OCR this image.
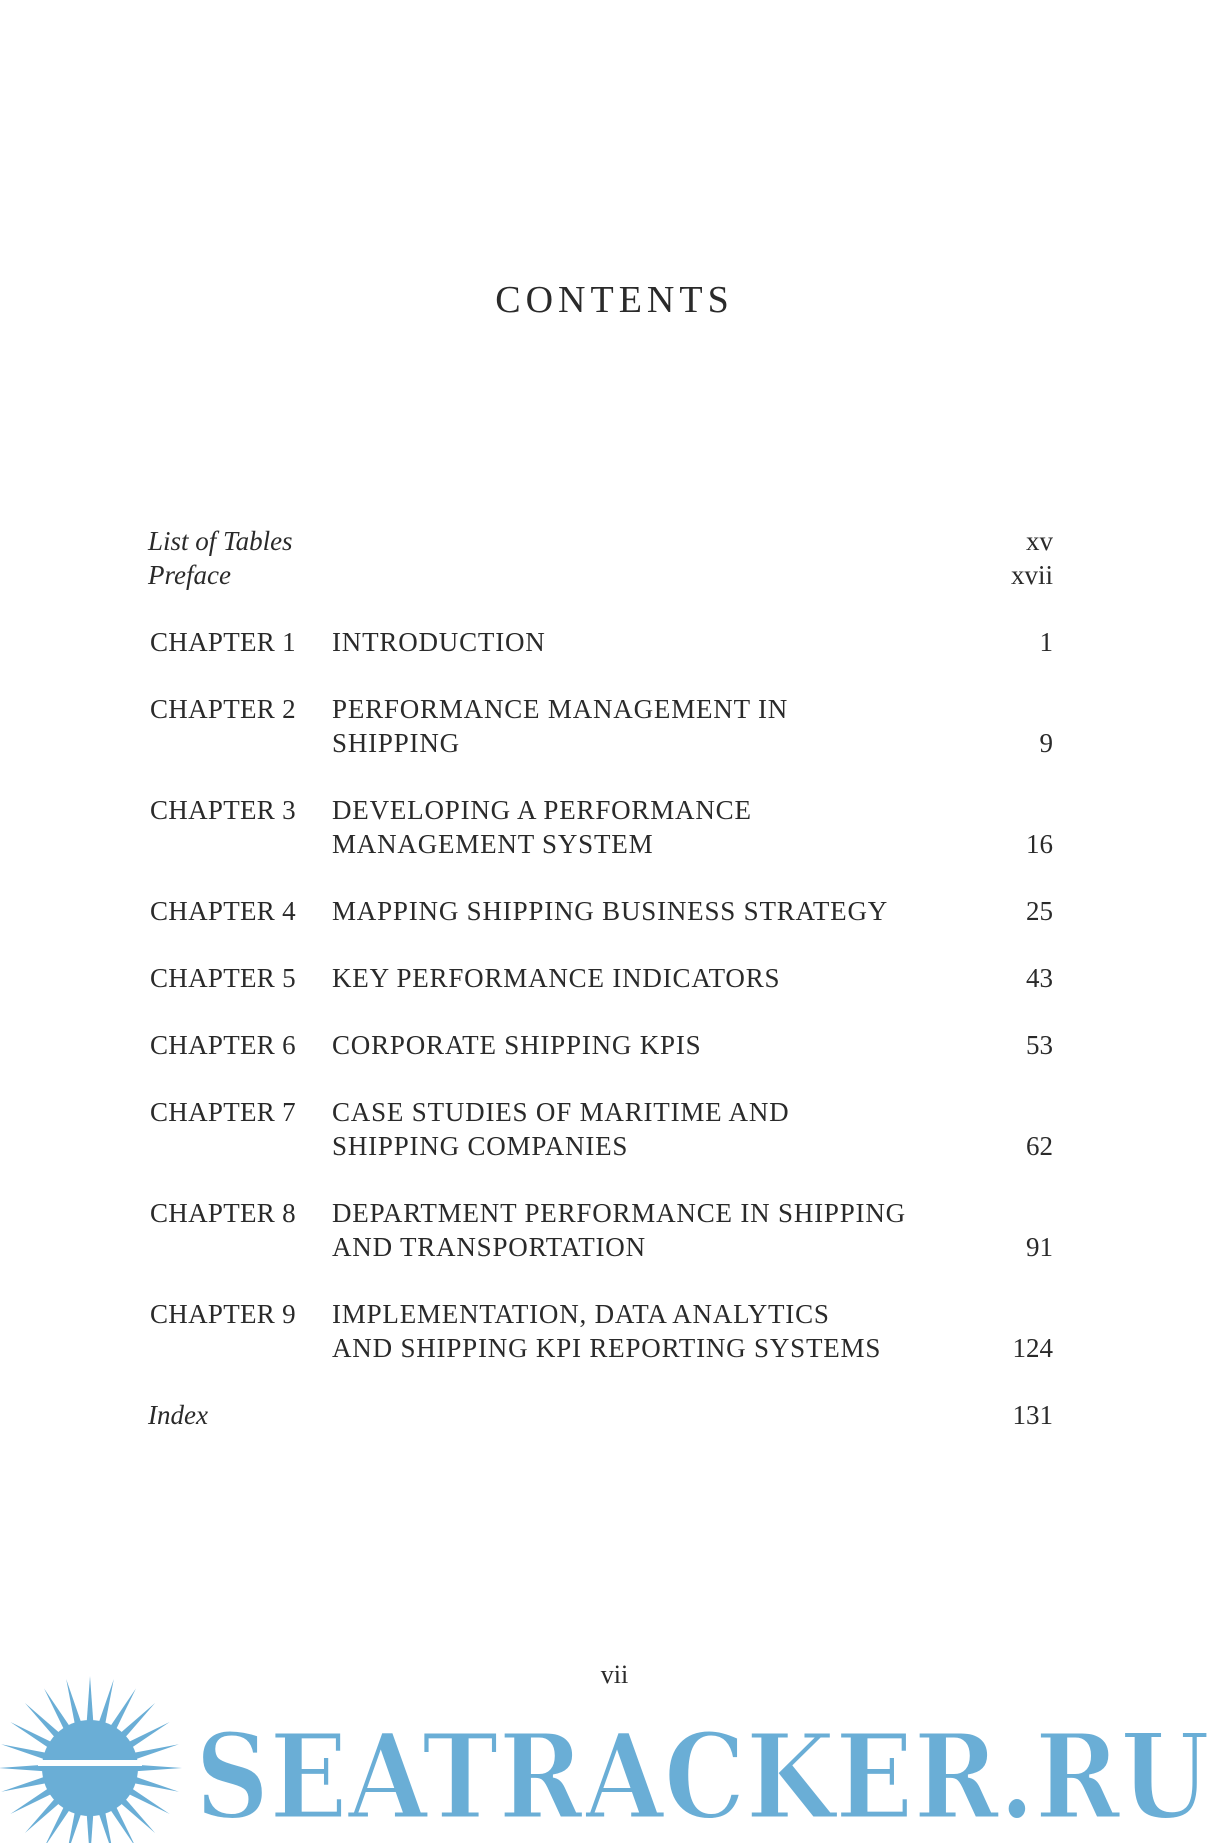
CONTENTS
List of Tables	xv
Preface	xvii
CHAPTER 1 INTRODUCTION	1
CHAPTER 2 PERFORMANCE MANAGEMENT IN
SHIPPING	9
CHAPTER 3 DEVELOPING A PERFORMANCE
MANAGEMENT SYSTEM	16
CHAPTER 4 MAPPING SHIPPING BUSINESS STRATEGY	25
CHAPTER 5 KEY PERFORMANCE INDICATORS	43
CHAPTER 6 CORPORATE SHIPPING KPIS	53
CHAPTER 7 CASE STUDIES OF MARITIME AND
SHIPPING COMPANIES	62
CHAPTER 8 DEPARTMENT PERFORMANCE IN SHIPPING
AND TRANSPORTATION	91
CHAPTER 9 IMPLEMENTATION, DATA ANALYTICS
AND SHIPPING KPI REPORTING SYSTEMS	124
Index	131
vii
SEATRACKER.RU
